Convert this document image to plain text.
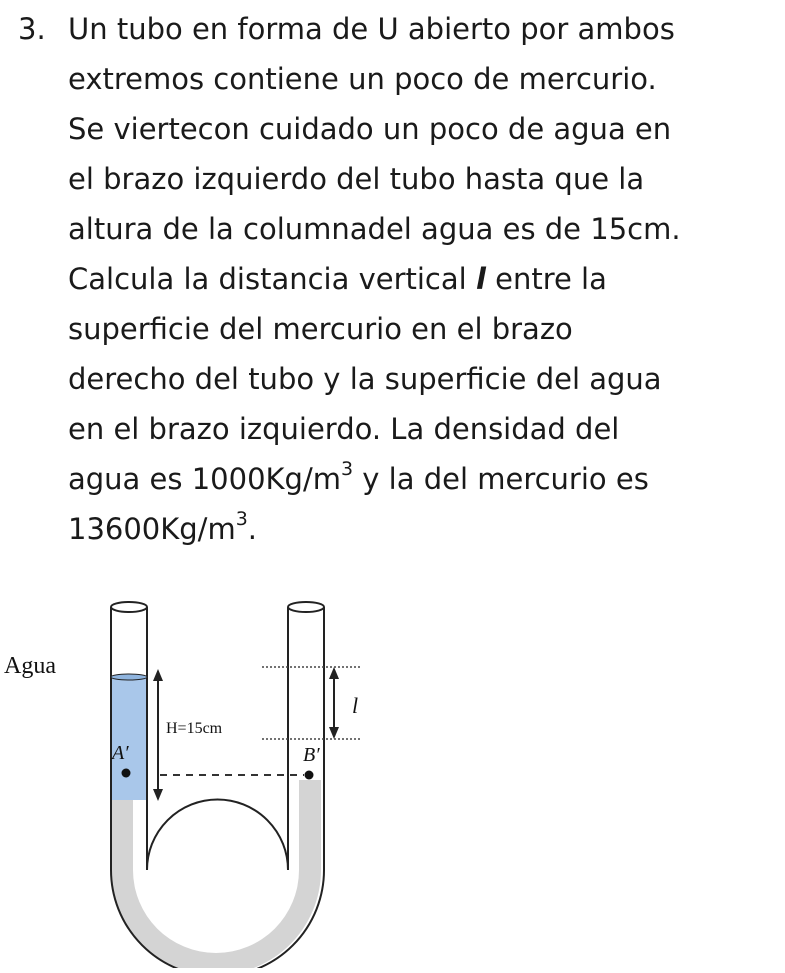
3. Un tubo en forma de U abierto por ambos
extremos contiene un poco de mercurio.
Se viertecon cuidado un poco de agua en
el brazo izquierdo del tubo hasta que la
altura de la columnadel agua es de 15cm.
Calcula la distancia vertical l entre la
superficie del mercurio en el brazo
derecho del tubo y la superficie del agua
en el brazo izquierdo. La densidad del
agua es $1000Kg/m^3$ y la del mercurio es
$13600Kg/m^3$.
Agua
H=15cm
A′	B′
l
